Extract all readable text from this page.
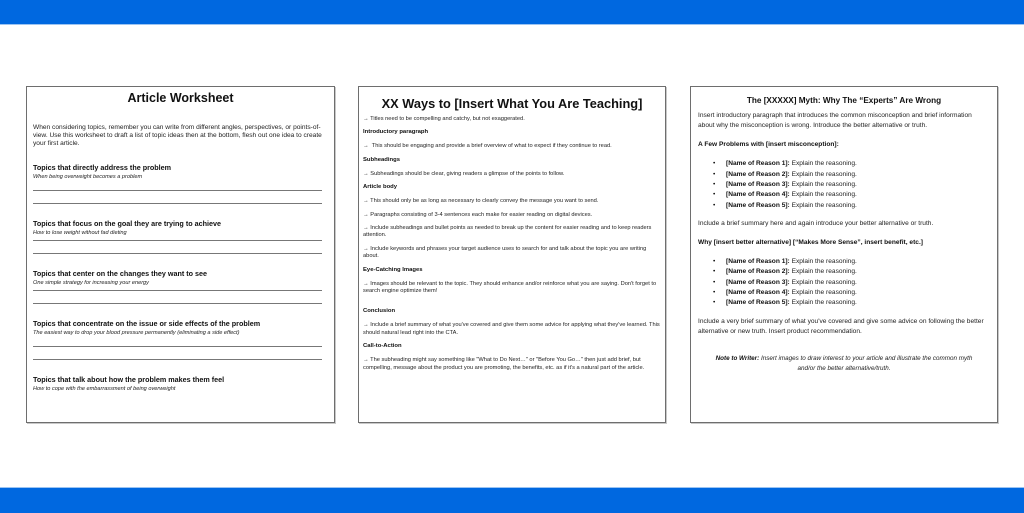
Article Worksheet
When considering topics, remember you can write from different angles, perspectives, or points-of-view. Use this worksheet to draft a list of topic ideas then at the bottom, flesh out one idea to create your first article.
Topics that directly address the problem
When being overweight becomes a problem
Topics that focus on the goal they are trying to achieve
How to lose weight without fad dieting
Topics that center on the changes they want to see
One simple strategy for increasing your energy
Topics that concentrate on the issue or side effects of the problem
The easiest way to drop your blood pressure permanently (eliminating a side effect)
Topics that talk about how the problem makes them feel
How to cope with the embarrassment of being overweight
XX Ways to [Insert What You Are Teaching]

→ Titles need to be compelling and catchy, but not exaggerated.

Introductory paragraph

→ This should be engaging and provide a brief overview of what to expect if they continue to read.

Subheadings

→ Subheadings should be clear, giving readers a glimpse of the points to follow.

Article body

→ This should only be as long as necessary to clearly convey the message you want to send.

→ Paragraphs consisting of 3-4 sentences each make for easier reading on digital devices.

→ Include subheadings and bullet points as needed to break up the content for easier reading and to keep readers attention.

→ Include keywords and phrases your target audience uses to search for and talk about the topic you are writing about.

Eye-Catching Images

→ Images should be relevant to the topic. They should enhance and/or reinforce what you are saying. Don't forget to search engine optimize them!

Conclusion

→ Include a brief summary of what you've covered and give them some advice for applying what they've learned. This should natural lead right into the CTA.

Call-to-Action

→ The subheading might say something like "What to Do Next…" or "Before You Go…" then just add brief, but compelling, message about the product you are promoting, the benefits, etc. as if it's a natural part of the article.

The [XXXXX] Myth: Why The “Experts” Are Wrong

Insert introductory paragraph that introduces the common misconception and brief information about why the misconception is wrong. Introduce the better alternative or truth.

A Few Problems with [insert misconception]:

• [Name of Reason 1]: Explain the reasoning.
• [Name of Reason 2]: Explain the reasoning.
• [Name of Reason 3]: Explain the reasoning.
• [Name of Reason 4]: Explain the reasoning.
• [Name of Reason 5]: Explain the reasoning.

Include a brief summary here and again introduce your better alternative or truth.

Why [insert better alternative] [“Makes More Sense”, insert benefit, etc.]

• [Name of Reason 1]: Explain the reasoning.
• [Name of Reason 2]: Explain the reasoning.
• [Name of Reason 3]: Explain the reasoning.
• [Name of Reason 4]: Explain the reasoning.
• [Name of Reason 5]: Explain the reasoning.

Include a very brief summary of what you've covered and give some advice on following the better alternative or new truth. Insert product recommendation.

Note to Writer: Insert images to draw interest to your article and illustrate the common myth and/or the better alternative/truth.
